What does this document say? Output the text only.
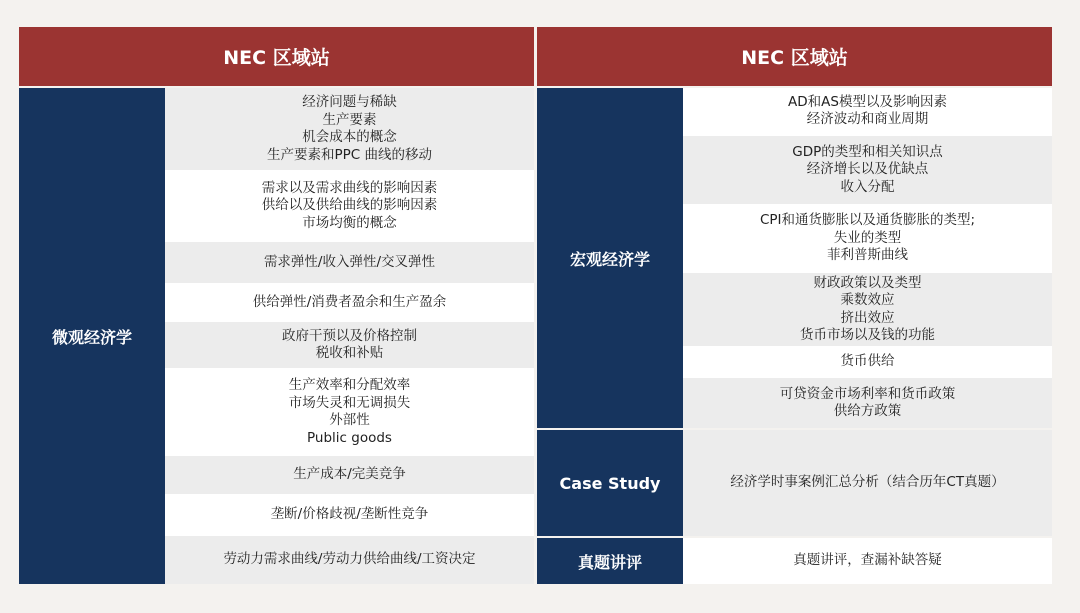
NEC 区域站
微观经济学
经济问题与稀缺
生产要素
机会成本的概念
生产要素和PPC 曲线的移动
需求以及需求曲线的影响因素
供给以及供给曲线的影响因素
市场均衡的概念
需求弹性/收入弹性/交叉弹性
供给弹性/消费者盈余和生产盈余
政府干预以及价格控制
税收和补贴
生产效率和分配效率
市场失灵和无调损失
外部性
Public goods
生产成本/完美竞争
垄断/价格歧视/垄断性竞争
劳动力需求曲线/劳动力供给曲线/工资决定
NEC 区域站
宏观经济学
AD和AS模型以及影响因素
经济波动和商业周期
GDP的类型和相关知识点
经济增长以及优缺点
收入分配
CPI和通货膨胀以及通货膨胀的类型;
失业的类型
菲利普斯曲线
财政政策以及类型
乘数效应
挤出效应
货币市场以及钱的功能
货币供给
可贷资金市场利率和货币政策
供给方政策
Case Study	经济学时事案例汇总分析（结合历年CT真题）
真题讲评	真题讲评，查漏补缺答疑
